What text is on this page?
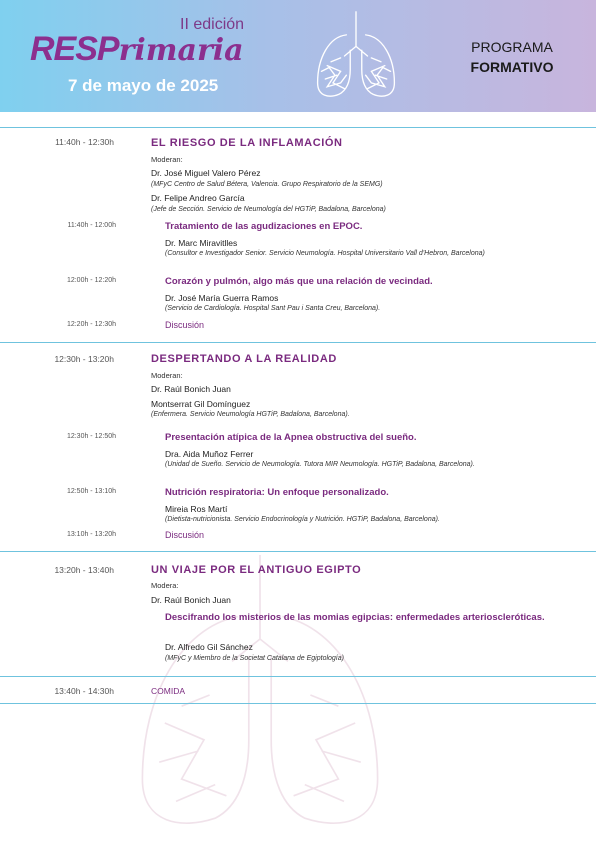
II edición
RESPrimaria
7 de mayo de 2025
PROGRAMA
FORMATIVO
11:40h - 12:30h	EL RIESGO DE LA INFLAMACIÓN
Moderan:
Dr. José Miguel Valero Pérez
(MFyC Centro de Salud Bétera, Valencia. Grupo Respiratorio de la SEMG)
Dr. Felipe Andreo García
(Jefe de Sección. Servicio de Neumología del HGTiP, Badalona, Barcelona)
11:40h - 12:00h	Tratamiento de las agudizaciones en EPOC.
Dr. Marc Miravitlles
(Consultor e Investigador Senior. Servicio Neumología. Hospital Universitario Vall d'Hebron, Barcelona)
12:00h - 12:20h	Corazón y pulmón, algo más que una relación de vecindad.
Dr. José María Guerra Ramos
(Servicio de Cardiología. Hospital Sant Pau i Santa Creu, Barcelona).
12:20h - 12:30h	Discusión
12:30h - 13:20h	DESPERTANDO A LA REALIDAD
Moderan:
Dr. Raúl Bonich Juan
Montserrat Gil Domínguez
(Enfermera. Servicio Neumología HGTiP, Badalona, Barcelona).
12:30h - 12:50h	Presentación atípica de la Apnea obstructiva del sueño.
Dra. Aida Muñoz Ferrer
(Unidad de Sueño. Servicio de Neumología. Tutora MIR Neumología. HGTiP, Badalona, Barcelona).
12:50h - 13:10h	Nutrición respiratoria: Un enfoque personalizado.
Mireia Ros Martí
(Dietista-nutricionista. Servicio Endocrinología y Nutrición. HGTiP, Badalona, Barcelona).
13:10h - 13:20h	Discusión
13:20h - 13:40h	UN VIAJE POR EL ANTIGUO EGIPTO
Modera:
Dr. Raúl Bonich Juan
Descifrando los misterios de las momias egipcias: enfermedades arterioscleróticas.
Dr. Alfredo Gil Sánchez
(MFyC y Miembro de la Societat Catalana de Egiptología)
13:40h - 14:30h	COMIDA
